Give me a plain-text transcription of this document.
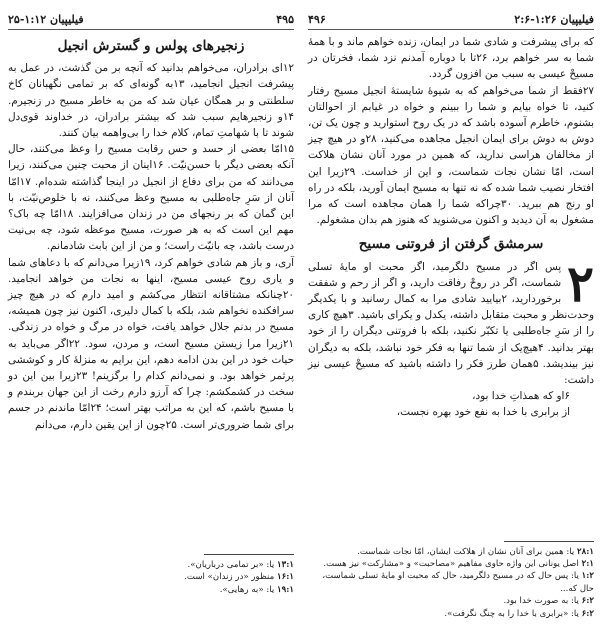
فیلیپیان ۱:۲۶-۲:۶
۴۹۶

که برای پیشرفت و شادی شما در ایمان، زنده خواهم ماند و با همهٔ شما به سر خواهم برد، ۲۶تا با دوباره آمدنم نزد شما، فخرتان در مسیحْ عیسی به سبب من افزون گردد.

۲۷فقط از شما می‌خواهم که به شیوهٔ شایستهٔ انجیل مسیح رفتار کنید، تا خواه بیایم و شما را ببینم و خواه در غیابم از احوالتان بشنوم، خاطرم آسوده باشد که در یک روح استوارید و چون یک تن، دوش به دوش برای ایمان انجیل مجاهده می‌کنید، ۲۸و در هیچ چیز از مخالفان هراسی ندارید، که همین در مورد آنان نشان هلاکت است، امّا نشان نجات شماست، و این از خداست. ۲۹زیرا این افتخار نصیب شما شده که نه تنها به مسیح ایمان آورید، بلکه در راه او رنج هم ببرید. ۳۰چراکه شما را همان مجاهده است که مرا مشغول به آن دیدید و اکنون می‌شنوید که هنوز هم بدان مشغولم.

سرمشق گرفتن از فروتنی مسیح

۲
پس اگر در مسیح دلگرمید، اگر محبت او مایهٔ تسلی شماست، اگر در روحْ رفاقت دارید، و اگر از رحم و شفقت برخوردارید، ۲بیایید شادی مرا به کمال رسانید و با یکدیگر وحدت‌نظر و محبت متقابل داشته، یکدل و یکرای باشید. ۳هیچ کاری را از سَرِ جاه‌طلبی یا تکبّر نکنید، بلکه با فروتنی دیگران را از خود بهتر بدانید. ۴هیچ‌یک از شما تنها به فکر خود نباشد، بلکه به دیگران نیز بیندیشد. ۵همان طرز فکر را داشته باشید که مسیحْ عیسی نیز داشت:

۶او که همذاتِ خدا بود،
از برابری با خدا به نفع خود بهره نجست،
۲۸:۱ یا: همین برای آنان نشان از هلاکت ایشان، امّا نجات شماست.
۲:۱ اصل یونانی این واژه حاوی مفاهیم «مصاحبت» و «مشارکت» نیز هست.
۱:۲ یا: پس حال که در مسیح دلگرمید، حال که محبت او مایهٔ تسلی شماست، حال که...
۶:۲ یا: به صورت خدا بود.
۶:۲ یا: «برابری با خدا را به چنگ نگرفت».
۴۹۵
فیلیپیان ۱:۱۲-۲۵
زنجیرهای پولس و گسترش انجیل

۱۲ای برادران، می‌خواهم بدانید که آنچه بر من گذشت، در عمل به پیشرفت انجیل انجامید، ۱۳به گونه‌ای که بر تمامی نگهبانان کاخ سلطنتی و بر همگان عیان شد که من به خاطر مسیح در زنجیرم. ۱۴و زنجیرهایم سبب شد که بیشتر برادران، در خداوند قوی‌دل شوند تا با شهامتِ تمام، کلام خدا را بی‌واهمه بیان کنند.

۱۵امّا بعضی از حسد و حس رقابت مسیح را وعظ می‌کنند، حال آنکه بعضی دیگر با حسن‌نیّت. ۱۶اینان از محبت چنین می‌کنند، زیرا می‌دانند که من برای دفاع از انجیل در اینجا گذاشته شده‌ام. ۱۷امّا آنان از سَرِ جاه‌طلبی به مسیح وعظ می‌کنند، نه با خلوص‌نیّت، با این گمان که بر رنجهای من در زندان می‌افزایند. ۱۸امّا چه باک؟ مهم این است که به هر صورت، مسیح موعظه شود، چه بی‌نیت درست باشد، چه بانیّت راست؛ و من از این بابت شادمانم.

آری، و باز هم شادی خواهم کرد، ۱۹زیرا می‌دانم که با دعاهای شما و یاری روح عیسی مسیح، اینها به نجات من خواهد انجامید. ۲۰چنانکه مشتاقانه انتظار می‌کشم و امید دارم که در هیچ چیز سرافکنده نخواهم شد، بلکه با کمال دلیری، اکنون نیز چون همیشه، مسیح در بدنم جلال خواهد یافت، خواه در مرگ و خواه در زندگی. ۲۱زیرا مرا زیستن مسیح است، و مردن، سود. ۲۲اگر می‌باید به حیات خود در این بدن ادامه دهم، این برایم به منزلهٔ کار و کوششی پرثمر خواهد بود. و نمی‌دانم کدام را برگزینم! ۲۳زیرا بین این دو سخت در کشمکشم: چرا که آرزو دارم رخت از این جهان بربندم و با مسیح باشم، که این به مراتب بهتر است؛ ۲۴امّا ماندنم در جسم برای شما ضروری‌تر است. ۲۵چون از این یقین دارم، می‌دانم

۱۳:۱ یا: «بر تمامی درباریان».
۱۶:۱ منظور «در زندان» است.
۱۹:۱ یا: «به رهایی».
